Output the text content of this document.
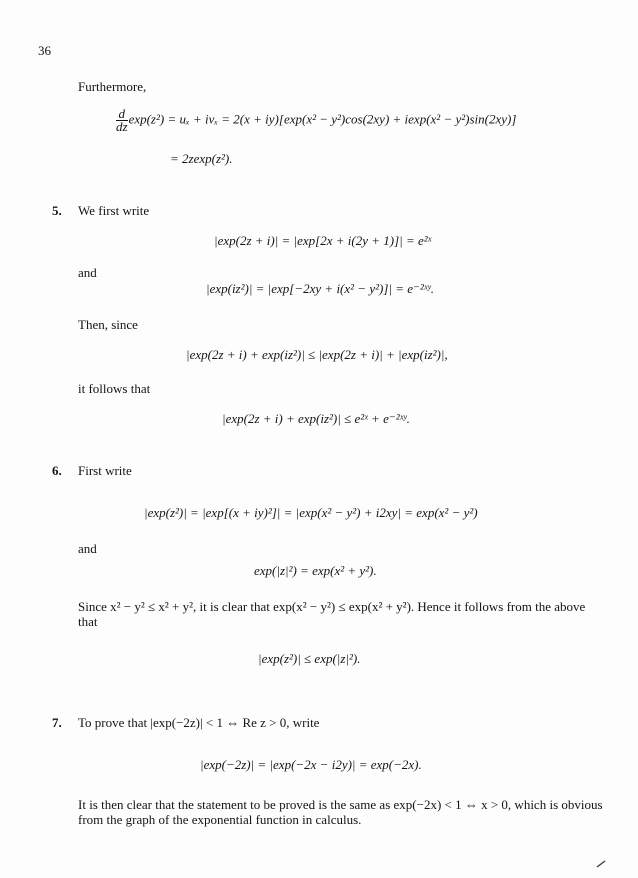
36
Furthermore,
$\frac{d}{dz} \exp(z^2) = u_x + iv_x = 2(x + iy)[\exp(x^2 - y^2)\cos(2xy) + iexp(x^2 - y^2)\sin(2xy)]$
= 2zexp(z²).
5. We first write
|exp(2z + i)| = |exp[2x + i(2y + 1)]| = e²ˣ
and
|exp(iz²)| = |exp[−2xy + i(x² − y²)]| = e⁻²ˣʸ.
Then, since
|exp(2z + i) + exp(iz²)| ≤ |exp(2z + i)| + |exp(iz²)|,
it follows that
|exp(2z + i) + exp(iz²)| ≤ e²ˣ + e⁻²ˣʸ.
6. First write
|exp(z²)| = |exp[(x + iy)²]| = |exp(x² − y²) + i2xy| = exp(x² − y²)
and
exp(|z|²) = exp(x² + y²).
Since x² − y² ≤ x² + y², it is clear that exp(x² − y²) ≤ exp(x² + y²). Hence it follows from the above that
|exp(z²)| ≤ exp(|z|²).
7. To prove that |exp(−2z)| < 1 ⇔ Re z > 0, write
|exp(−2z)| = |exp(−2x − i2y)| = exp(−2x).
It is then clear that the statement to be proved is the same as exp(−2x) < 1 ⇔ x > 0, which is obvious from the graph of the exponential function in calculus.
